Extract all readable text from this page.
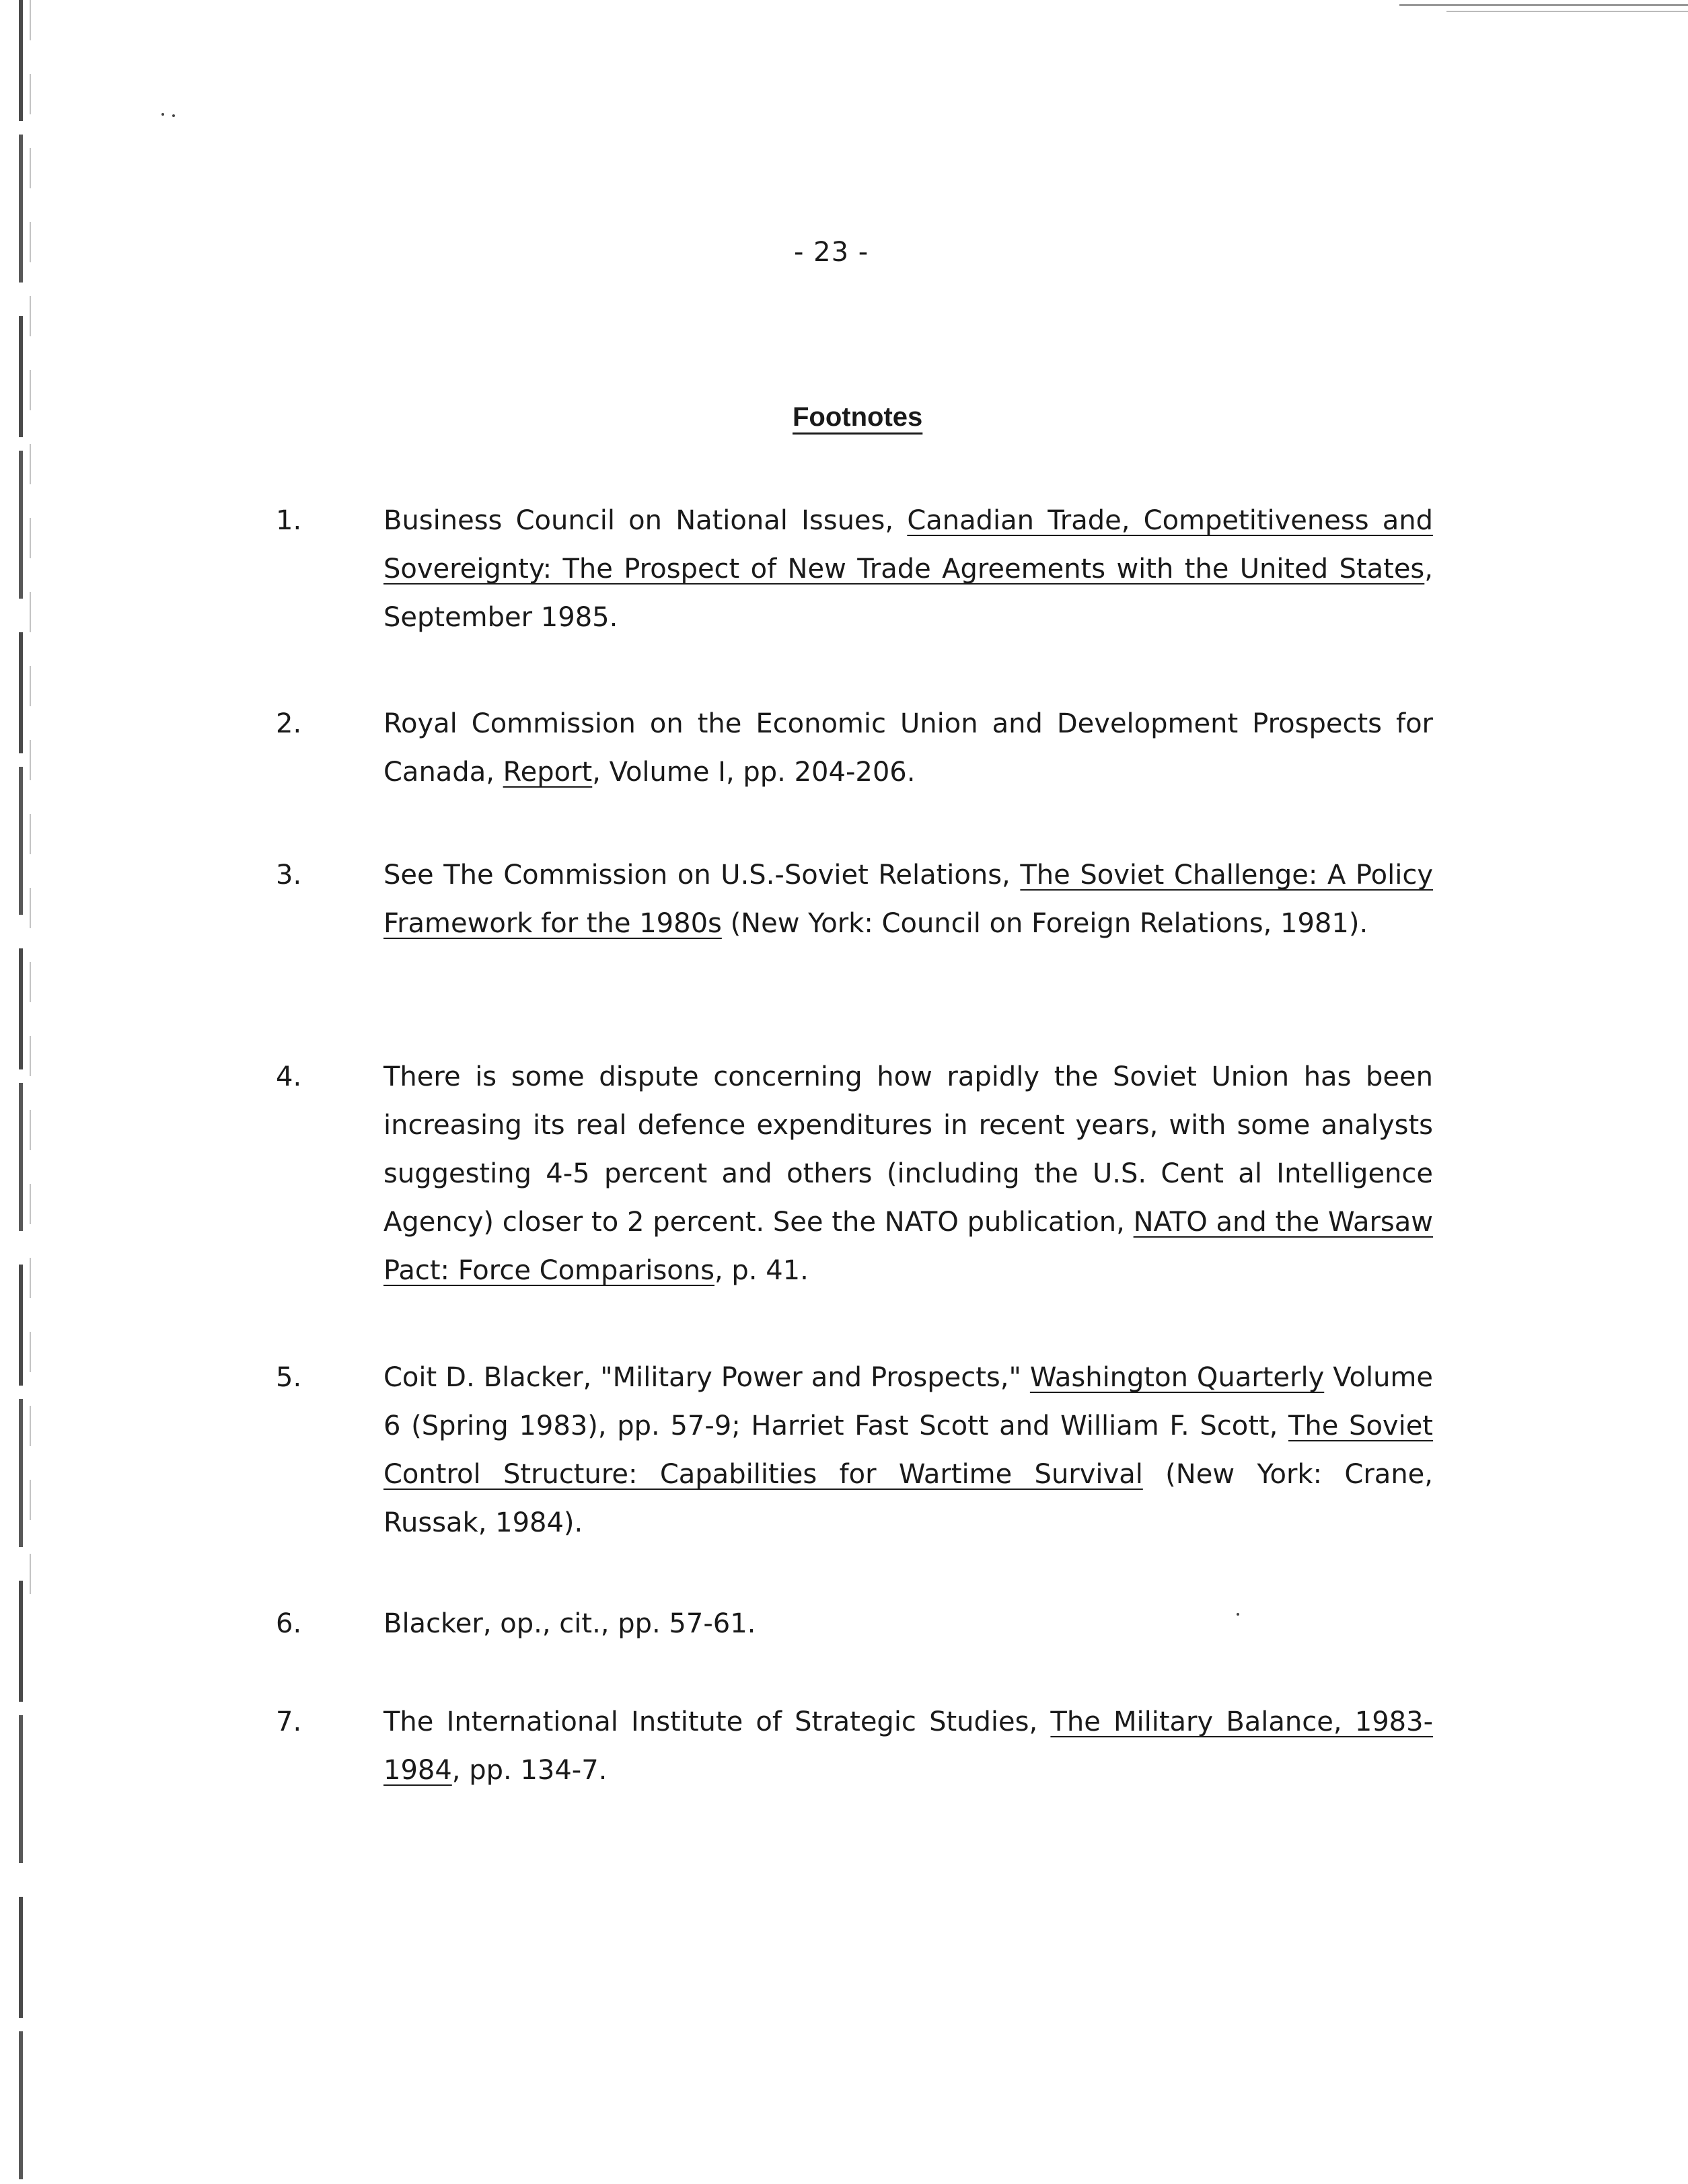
- 23 -
Footnotes
1.	Business Council on National Issues, Canadian Trade, Competitiveness and Sovereignty: The Prospect of New Trade Agreements with the United States, September 1985.
2.	Royal Commission on the Economic Union and Development Prospects for Canada, Report, Volume I, pp. 204-206.
3.	See The Commission on U.S.-Soviet Relations, The Soviet Challenge: A Policy Framework for the 1980s (New York: Council on Foreign Relations, 1981).
4.	There is some dispute concerning how rapidly the Soviet Union has been increasing its real defence expenditures in recent years, with some analysts suggesting 4-5 percent and others (including the U.S. Cent al Intelligence Agency) closer to 2 percent. See the NATO publication, NATO and the Warsaw Pact: Force Comparisons, p. 41.
5.	Coit D. Blacker, "Military Power and Prospects," Washington Quarterly Volume 6 (Spring 1983), pp. 57-9; Harriet Fast Scott and William F. Scott, The Soviet Control Structure: Capabilities for Wartime Survival (New York: Crane, Russak, 1984).
6.	Blacker, op., cit., pp. 57-61.
7.	The International Institute of Strategic Studies, The Military Balance, 1983-1984, pp. 134-7.
